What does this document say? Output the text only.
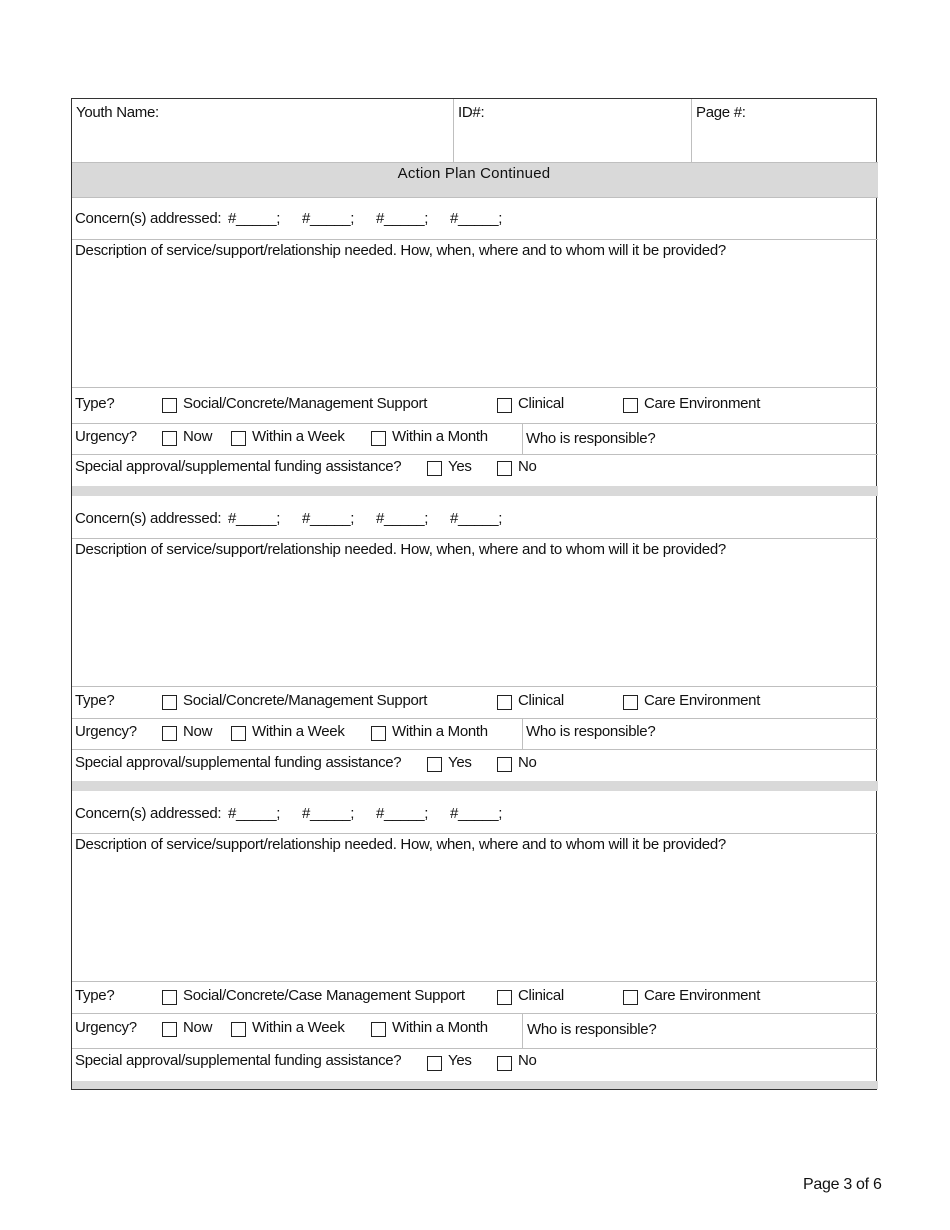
Youth Name:	ID#:	Page #:
Action Plan Continued
Concern(s) addressed: #_____; #_____; #_____; #_____;
Description of service/support/relationship needed. How, when, where and to whom will it be provided?
Type?	Social/Concrete/Management Support	Clinical	Care Environment
Urgency?	Now	Within a Week	Within a Month	Who is responsible?
Special approval/supplemental funding assistance?	Yes	No
Concern(s) addressed: #_____; #_____; #_____; #_____;
Description of service/support/relationship needed. How, when, where and to whom will it be provided?
Type?	Social/Concrete/Management Support	Clinical	Care Environment
Urgency?	Now	Within a Week	Within a Month	Who is responsible?
Special approval/supplemental funding assistance?	Yes	No
Concern(s) addressed: #_____; #_____; #_____; #_____;
Description of service/support/relationship needed. How, when, where and to whom will it be provided?
Type?	Social/Concrete/Case Management Support	Clinical	Care Environment
Urgency?	Now	Within a Week	Within a Month	Who is responsible?
Special approval/supplemental funding assistance?	Yes	No
Page 3 of 6
